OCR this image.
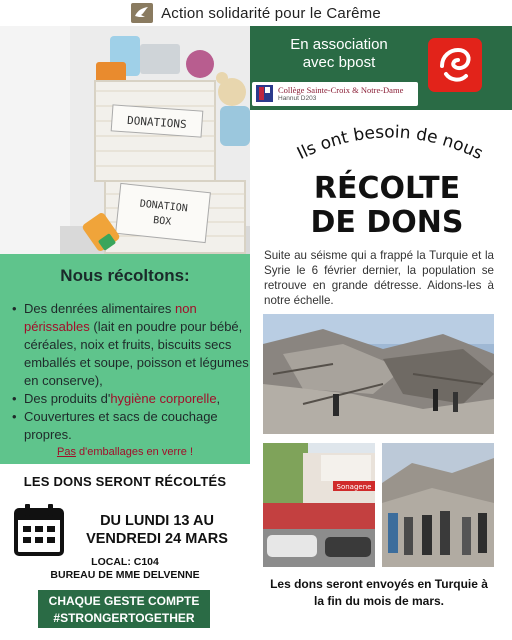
Action solidarité pour le Carême
DONATIONS
DONATION
BOX
En association
avec bpost
Collège Sainte-Croix & Notre-Dame
Hannut D203
Ils ont besoin de nous
RÉCOLTE
DE DONS

Suite au séisme qui a frappé la Turquie et la Syrie le 6 février dernier, la population se retrouve en grande détresse. Aidons-les à notre échelle.

Sonagene

Les dons seront envoyés en Turquie à la fin du mois de mars.

Nous récoltons:
• Des denrées alimentaires non périssables (lait en poudre pour bébé, céréales, noix et fruits, biscuits secs emballés et soupe, poisson et légumes en conserve),
• Des produits d'hygiène corporelle,
• Couvertures et sacs de couchage propres.
Pas d'emballages en verre !
LES DONS SERONT RÉCOLTÉS
DU LUNDI 13 AU
VENDREDI 24 MARS
LOCAL: C104
BUREAU DE MME DELVENNE
CHAQUE GESTE COMPTE
#STRONGERTOGETHER
